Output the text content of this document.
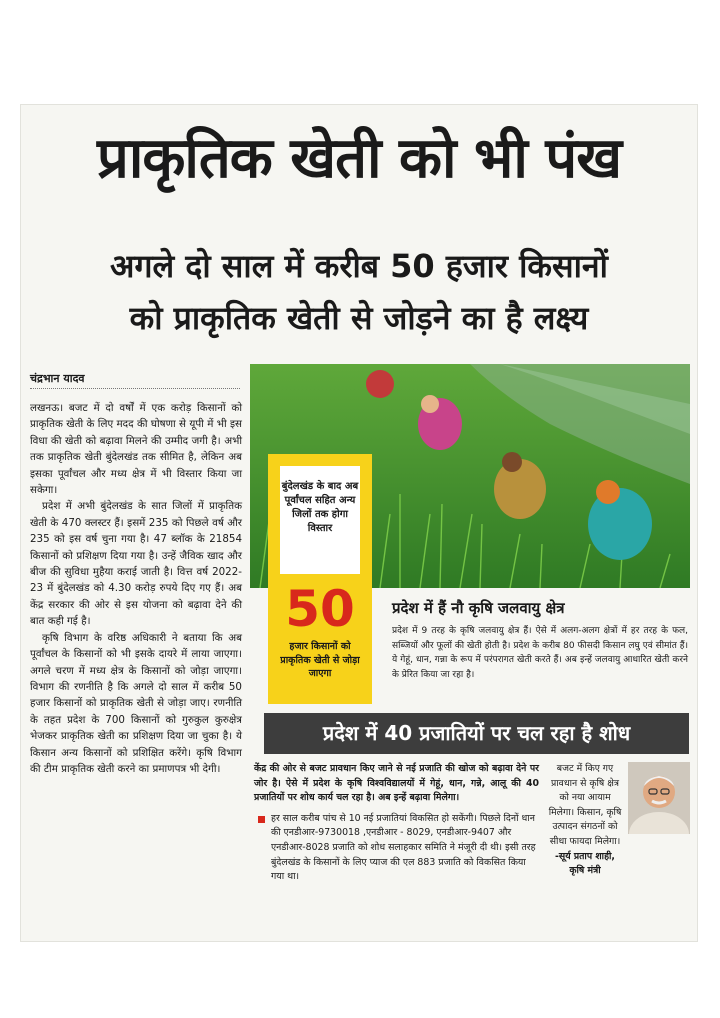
प्राकृतिक खेती को भी पंख
अगले दो साल में करीब 50 हजार किसानों
को प्राकृतिक खेती से जोड़ने का है लक्ष्य
चंद्रभान यादव

लखनऊ। बजट में दो वर्षों में एक करोड़ किसानों को प्राकृतिक खेती के लिए मदद की घोषणा से यूपी में भी इस विधा की खेती को बढ़ावा मिलने की उम्मीद जगी है। अभी तक प्राकृतिक खेती बुंदेलखंड तक सीमित है, लेकिन अब इसका पूर्वांचल और मध्य क्षेत्र में भी विस्तार किया जा सकेगा।

प्रदेश में अभी बुंदेलखंड के सात जिलों में प्राकृतिक खेती के 470 क्लस्टर हैं। इसमें 235 को पिछले वर्ष और 235 को इस वर्ष चुना गया है। 47 ब्लॉक के 21854 किसानों को प्रशिक्षण दिया गया है। उन्हें जैविक खाद और बीज की सुविधा मुहैया कराई जाती है। वित्त वर्ष 2022-23 में बुंदेलखंड को 4.30 करोड़ रुपये दिए गए हैं। अब केंद्र सरकार की ओर से इस योजना को बढ़ावा देने की बात कही गई है।

कृषि विभाग के वरिष्ठ अधिकारी ने बताया कि अब पूर्वांचल के किसानों को भी इसके दायरे में लाया जाएगा। अगले चरण में मध्य क्षेत्र के किसानों को जोड़ा जाएगा। विभाग की रणनीति है कि अगले दो साल में करीब 50 हजार किसानों को प्राकृतिक खेती से जोड़ा जाए। रणनीति के तहत प्रदेश के 700 किसानों को गुरुकुल कुरुक्षेत्र भेजकर प्राकृतिक खेती का प्रशिक्षण दिया जा चुका है। ये किसान अन्य किसानों को प्रशिक्षित करेंगे। कृषि विभाग की टीम प्राकृतिक खेती करने का प्रमाणपत्र भी देगी।

बुंदेलखंड के बाद अब पूर्वांचल सहित अन्य जिलों तक होगा विस्तार
50
हजार किसानों को प्राकृतिक खेती से जोड़ा जाएगा
प्रदेश में हैं नौ कृषि जलवायु क्षेत्र
प्रदेश में 9 तरह के कृषि जलवायु क्षेत्र हैं। ऐसे में अलग-अलग क्षेत्रों में हर तरह के फल, सब्जियों और फूलों की खेती होती है। प्रदेश के करीब 80 फीसदी किसान लघु एवं सीमांत हैं। ये गेहूं, धान, गन्ना के रूप में परंपरागत खेती करते हैं। अब इन्हें जलवायु आधारित खेती करने के प्रेरित किया जा रहा है।
प्रदेश में 40 प्रजातियों पर चल रहा है शोध
केंद्र की ओर से बजट प्रावधान किए जाने से नई प्रजाति की खोज को बढ़ावा देने पर जोर है। ऐसे में प्रदेश के कृषि विश्वविद्यालयों में गेहूं, धान, गन्ने, आलू की 40 प्रजातियों पर शोध कार्य चल रहा है। अब इन्हें बढ़ावा मिलेगा।
हर साल करीब पांच से 10 नई प्रजातियां विकसित हो सकेंगी। पिछले दिनों धान की एनडीआर-9730018 ,एनडीआर - 8029, एनडीआर-9407 और एनडीआर-8028 प्रजाति को शोध सलाहकार समिति ने मंजूरी दी थी। इसी तरह बुंदेलखंड के किसानों के लिए प्याज की एल 883 प्रजाति को विकसित किया गया था।
बजट में किए गए प्रावधान से कृषि क्षेत्र को नया आयाम मिलेगा। किसान, कृषि उत्पादन संगठनों को सीधा फायदा मिलेगा।
-सूर्य प्रताप शाही, कृषि मंत्री
